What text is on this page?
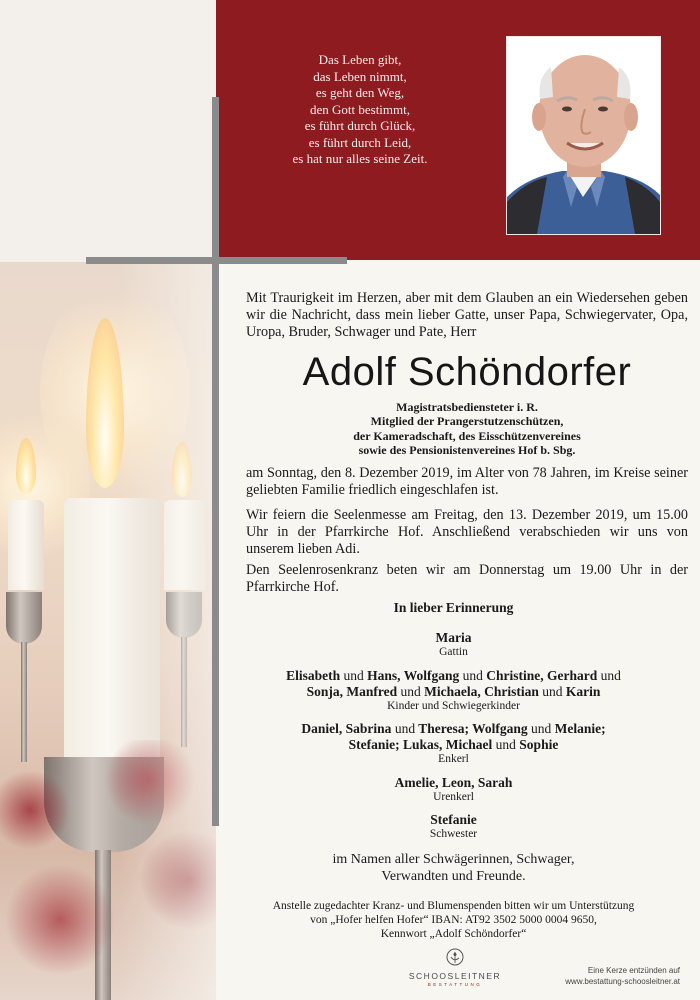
Das Leben gibt,
das Leben nimmt,
es geht den Weg,
den Gott bestimmt,
es führt durch Glück,
es führt durch Leid,
es hat nur alles seine Zeit.
Mit Traurigkeit im Herzen, aber mit dem Glauben an ein Wiedersehen geben wir die Nachricht, dass mein lieber Gatte, unser Papa, Schwiegervater, Opa, Uropa, Bruder, Schwager und Pate, Herr
Adolf Schöndorfer
Magistratsbediensteter i. R.
Mitglied der Prangerstutzenschützen,
der Kameradschaft, des Eisschützenvereines
sowie des Pensionistenvereines Hof b. Sbg.
am Sonntag, den 8. Dezember 2019, im Alter von 78 Jahren, im Kreise seiner geliebten Familie friedlich eingeschlafen ist.
Wir feiern die Seelenmesse am Freitag, den 13. Dezember 2019, um 15.00 Uhr in der Pfarrkirche Hof. Anschließend verabschieden wir uns von unserem lieben Adi.
Den Seelenrosenkranz beten wir am Donnerstag um 19.00 Uhr in der Pfarrkirche Hof.
In lieber Erinnerung
Maria
Gattin
Elisabeth und Hans, Wolfgang und Christine, Gerhard und
Sonja, Manfred und Michaela, Christian und Karin
Kinder und Schwiegerkinder
Daniel, Sabrina und Theresa; Wolfgang und Melanie;
Stefanie; Lukas, Michael und Sophie
Enkerl
Amelie, Leon, Sarah
Urenkerl
Stefanie
Schwester
im Namen aller Schwägerinnen, Schwager,
Verwandten und Freunde.
Anstelle zugedachter Kranz- und Blumenspenden bitten wir um Unterstützung
von „Hofer helfen Hofer“ IBAN: AT92 3502 5000 0004 9650,
Kennwort „Adolf Schöndorfer“
SCHOOSLEITNER
BESTATTUNG
Eine Kerze entzünden auf
www.bestattung-schoosleitner.at
